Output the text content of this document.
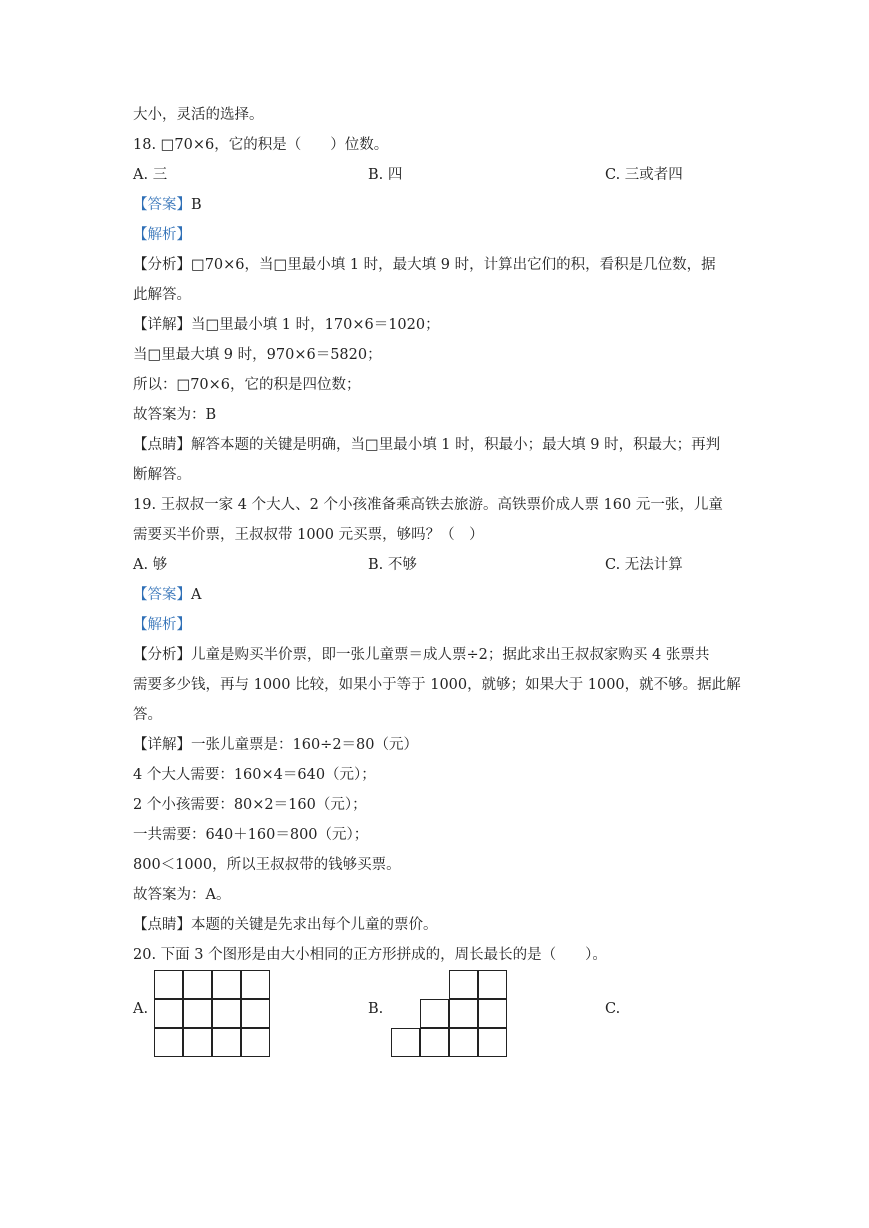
大小，灵活的选择。
18. □70×6，它的积是（　　）位数。
A. 三	B. 四	C. 三或者四
【答案】B
【解析】
【分析】□70×6，当□里最小填 1 时，最大填 9 时，计算出它们的积，看积是几位数，据
此解答。
【详解】当□里最小填 1 时，170×6＝1020；
当□里最大填 9 时，970×6＝5820；
所以：□70×6，它的积是四位数；
故答案为：B
【点睛】解答本题的关键是明确，当□里最小填 1 时，积最小；最大填 9 时，积最大；再判
断解答。
19. 王叔叔一家 4 个大人、2 个小孩准备乘高铁去旅游。高铁票价成人票 160 元一张，儿童
需要买半价票，王叔叔带 1000 元买票，够吗？（　）
A. 够	B. 不够	C. 无法计算
【答案】A
【解析】
【分析】儿童是购买半价票，即一张儿童票＝成人票÷2；据此求出王叔叔家购买 4 张票共
需要多少钱，再与 1000 比较，如果小于等于 1000，就够；如果大于 1000，就不够。据此解
答。
【详解】一张儿童票是：160÷2＝80（元）
4 个大人需要：160×4＝640（元）；
2 个小孩需要：80×2＝160（元）；
一共需要：640＋160＝800（元）；
800＜1000，所以王叔叔带的钱够买票。
故答案为：A。
【点睛】本题的关键是先求出每个儿童的票价。
20. 下面 3 个图形是由大小相同的正方形拼成的，周长最长的是（　　）。
A.	B.	C.
